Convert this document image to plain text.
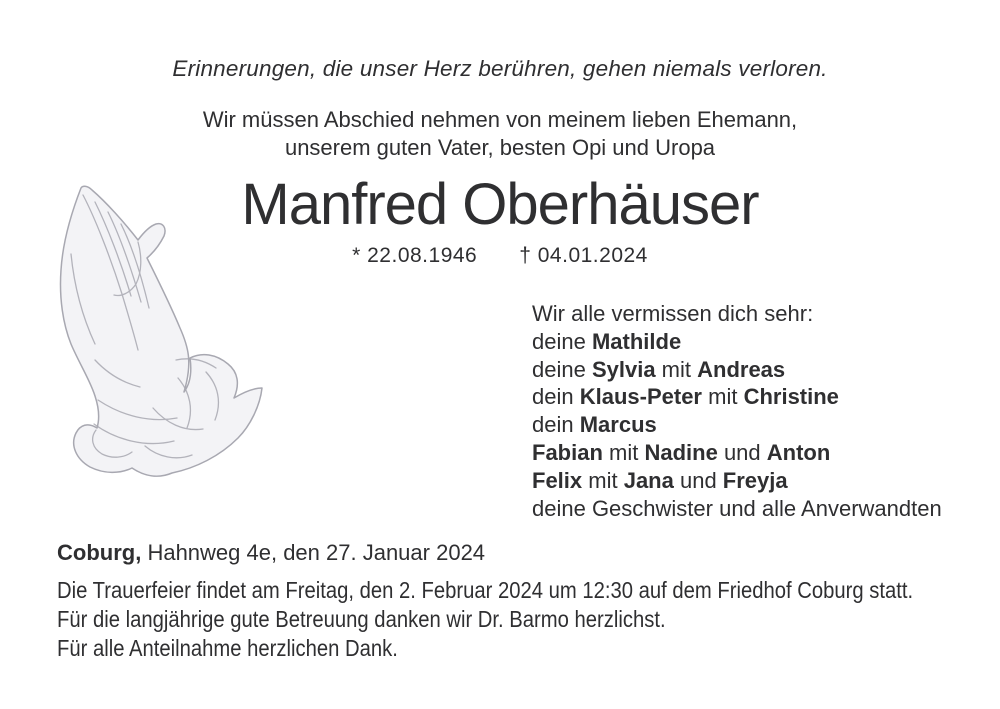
Erinnerungen, die unser Herz berühren, gehen niemals verloren.
Wir müssen Abschied nehmen von meinem lieben Ehemann,
unserem guten Vater, besten Opi und Uropa
Manfred Oberhäuser
* 22.08.1946 † 04.01.2024
Wir alle vermissen dich sehr:
deine Mathilde
deine Sylvia mit Andreas
dein Klaus-Peter mit Christine
dein Marcus
Fabian mit Nadine und Anton
Felix mit Jana und Freyja
deine Geschwister und alle Anverwandten
Coburg, Hahnweg 4e, den 27. Januar 2024
Die Trauerfeier findet am Freitag, den 2. Februar 2024 um 12:30 auf dem Friedhof Coburg statt.
Für die langjährige gute Betreuung danken wir Dr. Barmo herzlichst.
Für alle Anteilnahme herzlichen Dank.
